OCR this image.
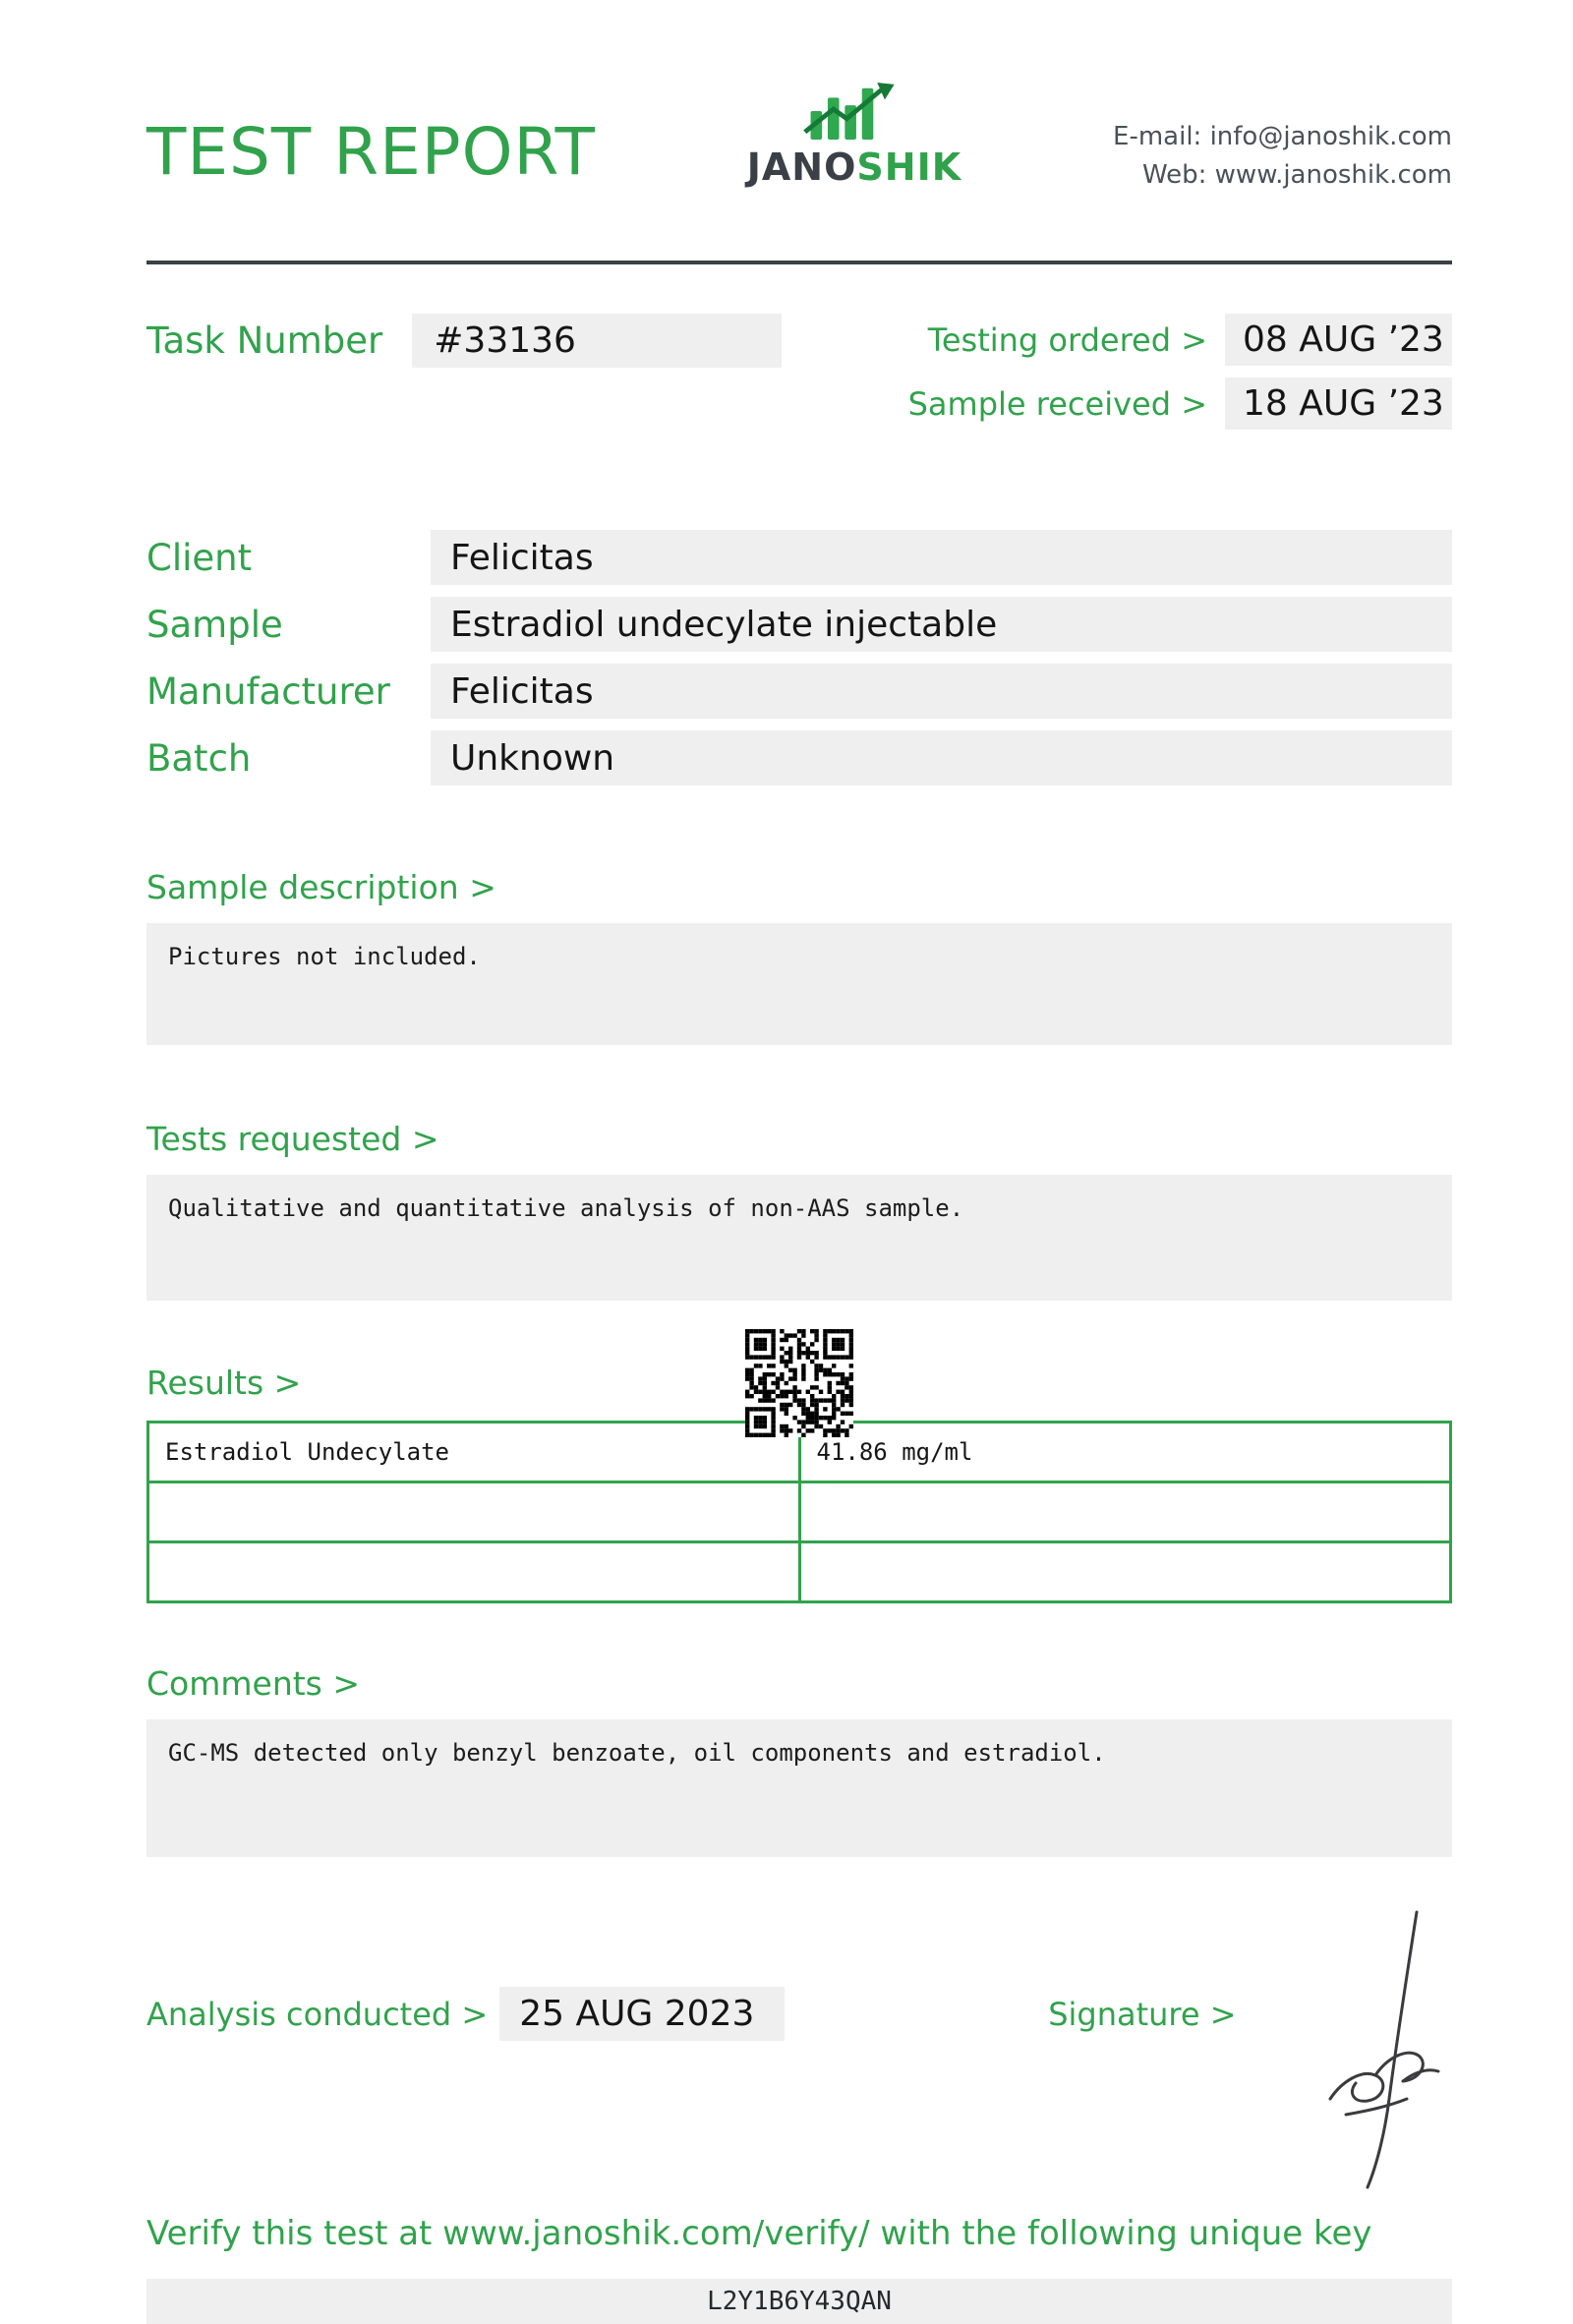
TEST REPORT	JANOSHIK
E-mail: info@janoshik.com
Web: www.janoshik.com
Task Number	#33136	Testing ordered >	08 AUG ’23
Sample received >	18 AUG ’23
Client	Felicitas
Sample	Estradiol undecylate injectable
Manufacturer	Felicitas
Batch	Unknown
Sample description >
Pictures not included.
Tests requested >
Qualitative and quantitative analysis of non-AAS sample.
Results >
Estradiol Undecylate	41.86 mg/ml

Comments >
GC-MS detected only benzyl benzoate, oil components and estradiol.
Analysis conducted > 25 AUG 2023	Signature >
Verify this test at www.janoshik.com/verify/ with the following unique key
L2Y1B6Y43QAN
